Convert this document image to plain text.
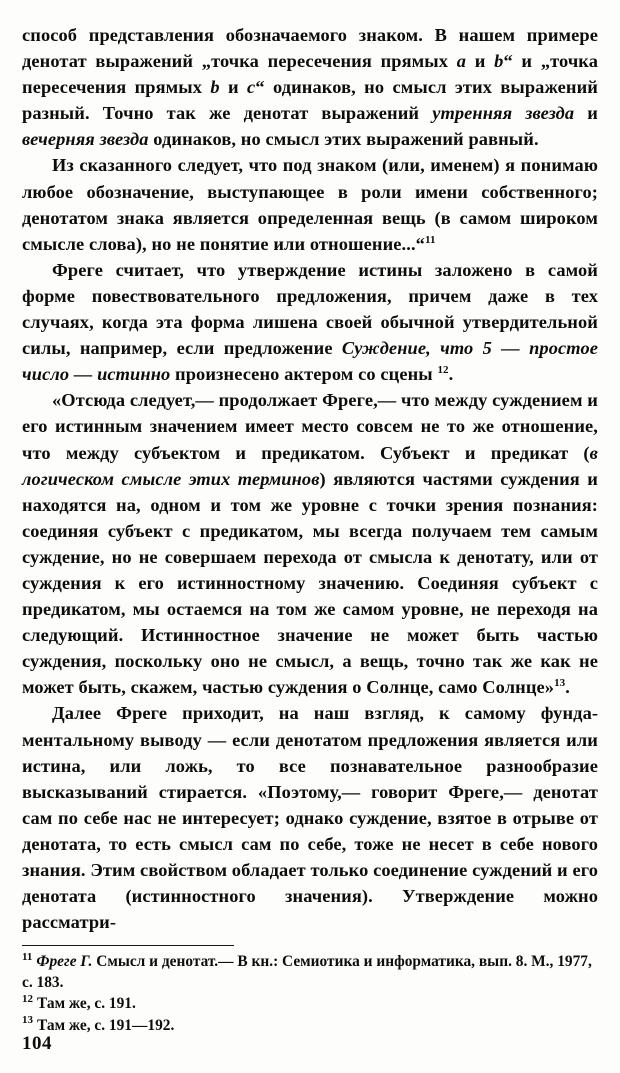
способ представления обозначаемого знаком. В нашем примере денотат выражений „точка пересечения прямых а и b“ и „точка пересечения прямых b и с“ одинаков, но смысл этих выражений разный. Точно так же денотат выражений утренняя звезда и вечерняя звезда одинаков, но смысл этих выражений равный.

Из сказанного следует, что под знаком (или, именем) я понимаю любое обозначение, выступающее в роли имени собственного; денотатом знака является определенная вещь (в самом широком смысле слова), но не понятие или отношение...“$^{11}$

Фреге считает, что утверждение истины заложено в самой форме повествовательного предложения, причем даже в тех случаях, когда эта форма лишена своей обычной утвердительной силы, например, если предложение Суждение, что 5 — простое число — истинно произнесено актером со сцены $^{12}$.

«Отсюда следует,— продолжает Фреге,— что между суждением и его истинным значением имеет место совсем не то же отношение, что между субъектом и предикатом. Субъект и предикат (в логическом смысле этих терминов) являются частями суждения и находятся на, одном и том же уровне с точки зрения познания: соединяя субъект с предикатом, мы всегда получаем тем самым суждение, но не совершаем перехода от смысла к денотату, или от суждения к его истинностному значению. Соединяя субъект с предикатом, мы остаемся на том же самом уровне, не переходя на следующий. Истинностное значение не может быть частью суждения, поскольку оно не смысл, а вещь, точно так же как не может быть, скажем, частью суждения о Солнце, само Солнце»$^{13}$.

Далее Фреге приходит, на наш взгляд, к самому фундаментальному выводу — если денотатом предложения является или истина, или ложь, то все познавательное разнообразие высказываний стирается. «Поэтому,— говорит Фреге,— денотат сам по себе нас не интересует; однако суждение, взятое в отрыве от денотата, то есть смысл сам по себе, тоже не несет в себе нового знания. Этим свойством обладает только соединение суждений и его денотата (истинностного значения). Утверждение можно рассматри-

$^{11}$ Фреге Г. Смысл и денотат.— В кн.: Семиотика и информатика, вып. 8. М., 1977, с. 183.

$^{12}$ Там же, с. 191.

$^{13}$ Там же, с. 191—192.

104
